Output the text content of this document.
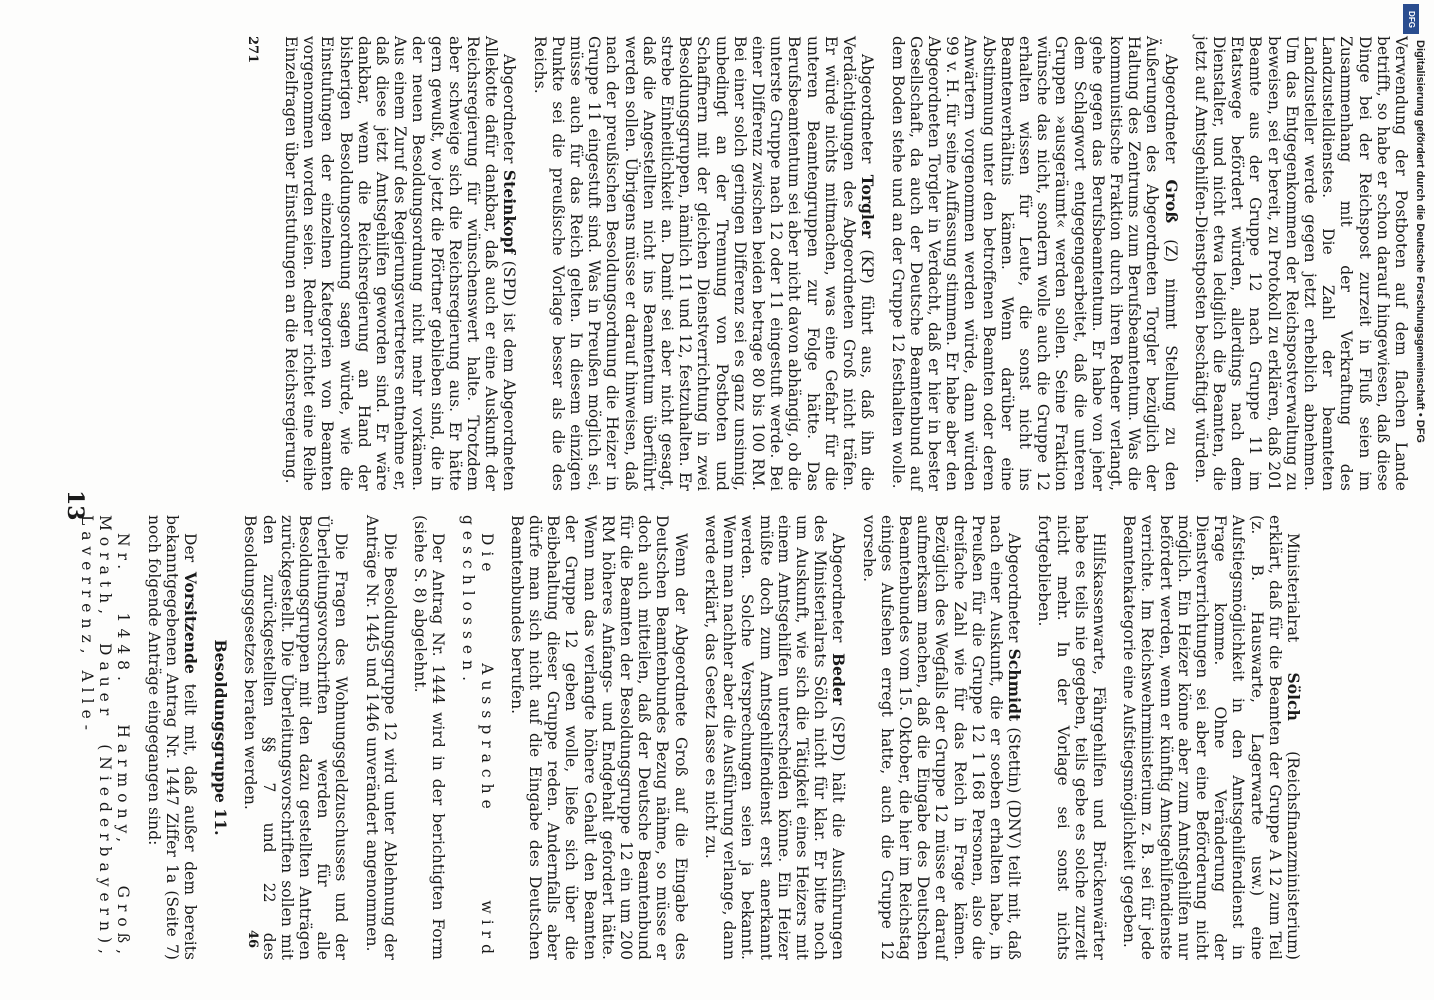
13

Verwendung der Postboten auf dem flachen Lande betrifft, so habe er schon darauf hingewiesen, daß diese Dinge bei der Reichspost zurzeit in Fluß seien im Zusammenhang mit der Verkraftung des Landzustelldienstes. Die Zahl der beamteten Landzusteller werde gegen jetzt erheblich abnehmen. Um das Entgegenkommen der Reichspostverwaltung zu beweisen, sei er bereit, zu Protokoll zu erklären, daß 201 Beamte aus der Gruppe 12 nach Gruppe 11 im Etatswege befördert würden, allerdings nach dem Dienstalter, und nicht etwa lediglich die Beamten, die jetzt auf Amtsgehilfen-Dienstposten beschäftigt würden.

Abgeordneter Groß (Z) nimmt Stellung zu den Äußerungen des Abgeordneten Torgler bezüglich der Haltung des Zentrums zum Berufsbeamtentum. Was die kommunistische Fraktion durch ihren Redner verlangt, gehe gegen das Berufsbeamtentum. Er habe von jeher dem Schlagwort entgegengearbeitet, daß die unteren Gruppen »ausgeräumt« werden sollen. Seine Fraktion wünsche das nicht, sondern wolle auch die Gruppe 12 erhalten wissen für Leute, die sonst nicht ins Beamtenverhältnis kämen. Wenn darüber eine Abstimmung unter den betroffenen Beamten oder deren Anwärtern vorgenommen werden würde, dann würden 99 v. H. für seine Auffassung stimmen. Er habe aber den Abgeordneten Torgler in Verdacht, daß er hier in bester Gesellschaft, da auch der Deutsche Beamtenbund auf dem Boden stehe und an der Gruppe 12 festhalten wolle.

Abgeordneter Torgler (KP) führt aus, daß ihn die Verdächtigungen des Abgeordneten Groß nicht träfen. Er würde nichts mitmachen, was eine Gefahr für die unteren Beamtengruppen zur Folge hätte. Das Berufsbeamtentum sei aber nicht davon abhängig, ob die unterste Gruppe nach 12 oder 11 eingestuft werde. Bei einer Differenz zwischen beiden betrage 80 bis 100 RM. Bei einer solch geringen Differenz sei es ganz unsinnig, unbedingt an der Trennung von Postboten und Schaffnern mit der gleichen Dienstverrichtung in zwei Besoldungsgruppen, nämlich 11 und 12, festzuhalten. Er strebe Einheitlichkeit an. Damit sei aber nicht gesagt, daß die Angestellten nicht ins Beamtentum überführt werden sollen. Übrigens müsse er darauf hinweisen, daß nach der preußischen Besoldungsordnung die Heizer in Gruppe 11 eingestuft sind. Was in Preußen möglich sei, müsse auch für das Reich gelten. In diesem einzigen Punkte sei die preußische Vorlage besser als die des Reichs.

Abgeordneter Steinkopf (SPD) ist dem Abgeordneten Allekotte dafür dankbar, daß auch er eine Auskunft der Reichsregierung für wünschenswert halte. Trotzdem aber schweige sich die Reichsregierung aus. Er hätte gern gewußt, wo jetzt die Pförtner geblieben sind, die in der neuen Besoldungsordnung nicht mehr vorkämen. Aus einem Zuruf des Regierungsvertreters entnehme er, daß diese jetzt Amtsgehilfen geworden sind. Er wäre dankbar, wenn die Reichsregierung an Hand der bisherigen Besoldungsordnung sagen würde, wie die Einstufungen der einzelnen Kategorien von Beamten vorgenommen worden seien. Redner richtet eine Reihe Einzelfragen über Einstufungen an die Reichsregierung.

271

Ministerialrat Sölch (Reichsfinanzministerium) erklärt, daß für die Beamten der Gruppe A 12 zum Teil (z. B. Hauswarte, Lagerwarte usw.) eine Aufstiegsmöglichkeit in den Amtsgehilfendienst in Frage komme. Ohne Veränderung der Dienstverrichtungen sei aber eine Beförderung nicht möglich. Ein Heizer könne aber zum Amtsgehilfen nur befördert werden, wenn er künftig Amtsgehilfendienste verrichte. Im Reichswehrministerium z. B. sei für jede Beamtenkategorie eine Aufstiegsmöglichkeit gegeben.

Hilfskassenwarte, Fährgehilfen und Brückenwärter habe es teils nie gegeben, teils gebe es solche zurzeit nicht mehr. In der Vorlage sei sonst nichts fortgeblieben.

Abgeordneter Schmidt (Stettin) (DNV) teilt mit, daß nach einer Auskunft, die er soeben erhalten habe, in Preußen für die Gruppe 12 1 168 Personen, also die dreifache Zahl wie für das Reich in Frage kämen. Bezüglich des Wegfalls der Gruppe 12 müsse er darauf aufmerksam machen, daß die Eingabe des Deutschen Beamtenbundes vom 15. Oktober, die hier im Reichstag einiges Aufsehen erregt hatte, auch die Gruppe 12 vorsehe.

Abgeordneter Beder (SPD) hält die Ausführungen des Ministerialrats Sölch nicht für klar. Er bitte noch um Auskunft, wie sich die Tätigkeit eines Heizers mit einem Amtsgehilfen unterscheiden könne. Ein Heizer müßte doch zum Amtsgehilfendienst erst anerkannt werden. Solche Versprechungen seien ja bekannt. Wenn man nachher aber die Ausführung verlange, dann werde erklärt, das Gesetz lasse es nicht zu.

Wenn der Abgeordnete Groß auf die Eingabe des Deutschen Beamtenbundes Bezug nähme, so müsse er doch auch mitteilen, daß der Deutsche Beamtenbund für die Beamten der Besoldungsgruppe 12 ein um 200 RM höheres Anfangs- und Endgehalt gefordert hätte. Wenn man das verlangte höhere Gehalt den Beamten der Gruppe 12 geben wolle, ließe sich über die Beibehaltung dieser Gruppe reden. Andernfalls aber dürfe man sich nicht auf die Eingabe des Deutschen Beamtenbundes berufen.

Die Aussprache wird geschlossen.

Der Antrag Nr. 1444 wird in der berichtigten Form (siehe S. 8) abgelehnt.

Die Besoldungsgruppe 12 wird unter Ablehnung der Anträge Nr. 1445 und 1446 unverändert angenommen.

Die Fragen des Wohnungsgeldzuschusses und der Überleitungsvorschriften werden für alle Besoldungsgruppen mit den dazu gestellten Anträgen zurückgestellt. Die Überleitungsvorschriften sollen mit den zurückgestellten §§ 7 und 22 des Besoldungsgesetzes beraten werden.

Besoldungsgruppe 11.

Der Vorsitzende teilt mit, daß außer dem bereits bekanntgegebenen Antrag Nr. 1447 Ziffer 1a (Seite 7) noch folgende Anträge eingegangen sind:

Nr. 1448. Harmony, Groß, Morath, Dauer (Niederbayern), Laverrenz, Alle-

46
DFG
Digitalisierung gefördert durch die Deutsche Forschungsgemeinschaft • DFG
